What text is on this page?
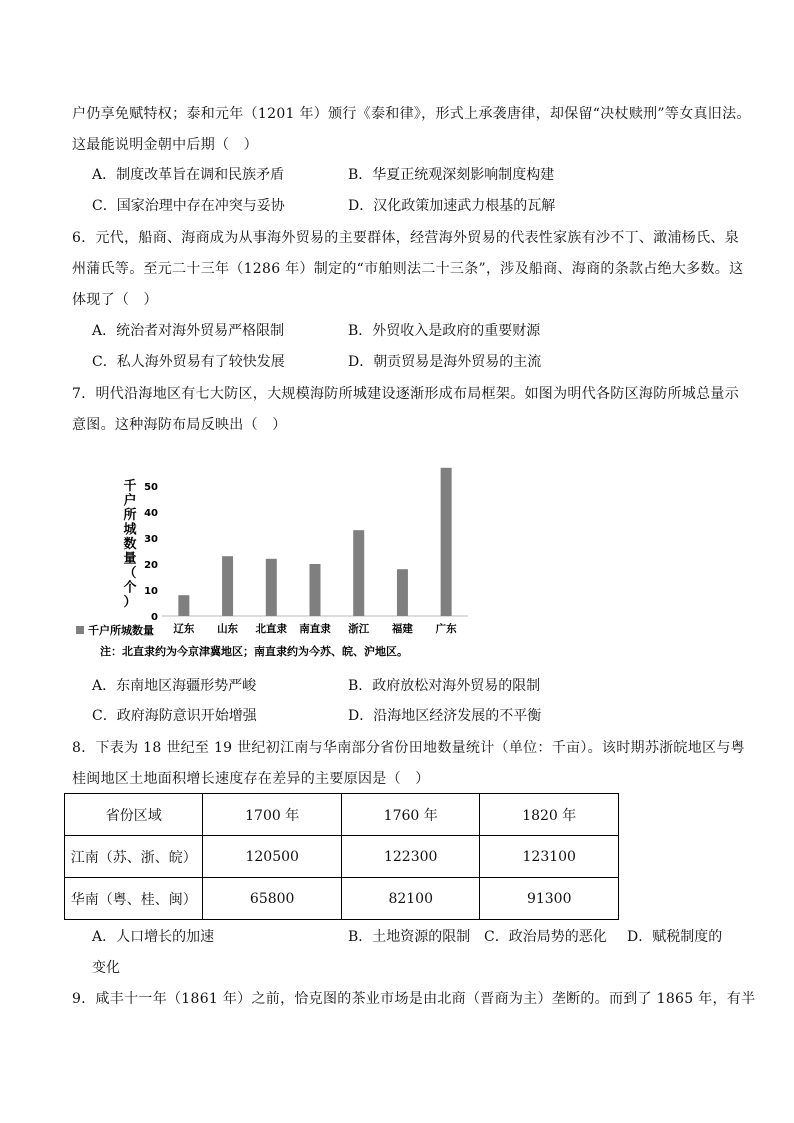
户仍享免赋特权；泰和元年（1201 年）颁行《泰和律》，形式上承袭唐律，却保留“决杖赎刑”等女真旧法。
这最能说明金朝中后期（　）
A．制度改革旨在调和民族矛盾	B．华夏正统观深刻影响制度构建
C．国家治理中存在冲突与妥协	D．汉化政策加速武力根基的瓦解
6．元代，船商、海商成为从事海外贸易的主要群体，经营海外贸易的代表性家族有沙不丁、澉浦杨氏、泉
州蒲氏等。至元二十三年（1286 年）制定的“市舶则法二十三条”，涉及船商、海商的条款占绝大多数。这
体现了（　）
A．统治者对海外贸易严格限制	B．外贸收入是政府的重要财源
C．私人海外贸易有了较快发展	D．朝贡贸易是海外贸易的主流
7．明代沿海地区有七大防区，大规模海防所城建设逐渐形成布局框架。如图为明代各防区海防所城总量示
意图。这种海防布局反映出（　）
千户所城数量（个）
0
10
20
30
40
50
辽东 山东 北直隶 南直隶 浙江 福建 广东
千户所城数量
注：北直隶约为今京津冀地区；南直隶约为今苏、皖、沪地区。
A．东南地区海疆形势严峻	B．政府放松对海外贸易的限制
C．政府海防意识开始增强	D．沿海地区经济发展的不平衡
8．下表为 18 世纪至 19 世纪初江南与华南部分省份田地数量统计（单位：千亩）。该时期苏浙皖地区与粤
桂闽地区土地面积增长速度存在差异的主要原因是（　）
省份区域	1700 年	1760 年	1820 年
江南（苏、浙、皖）	120500	122300	123100
华南（粤、桂、闽）	65800	82100	91300
A．人口增长的加速	B．土地资源的限制 C．政治局势的恶化 D．赋税制度的
变化
9．咸丰十一年（1861 年）之前，恰克图的茶业市场是由北商（晋商为主）垄断的。而到了 1865 年，有半
